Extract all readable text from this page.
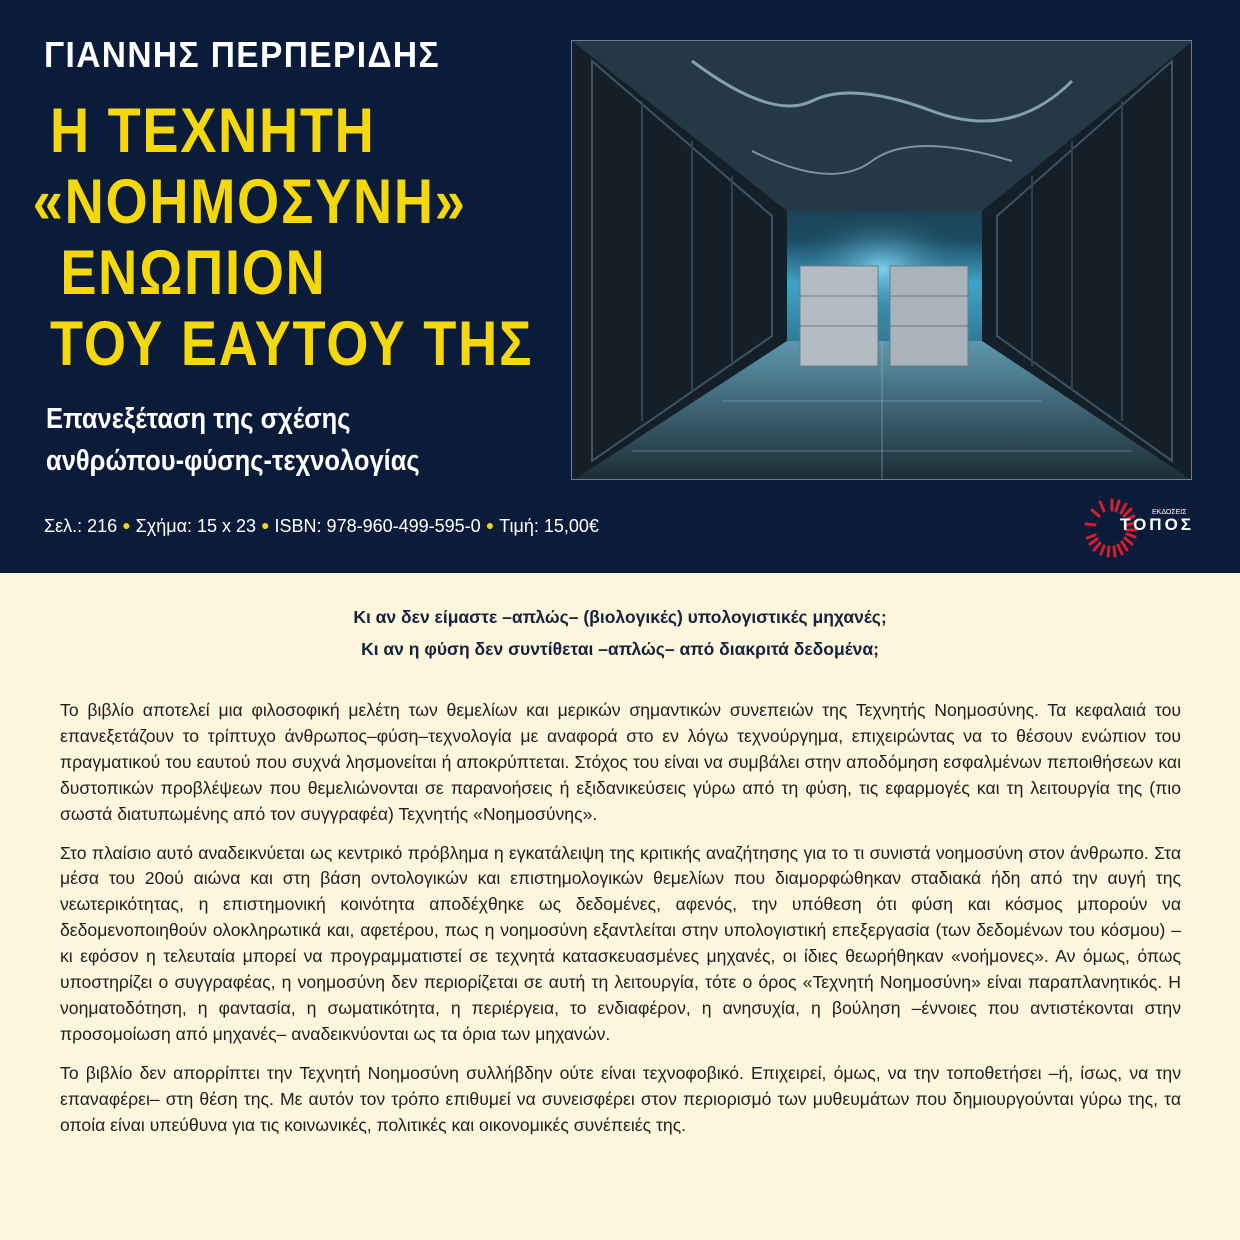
ΓΙΑΝΝΗΣ ΠΕΡΠΕΡΙΔΗΣ
Η ΤΕΧΝΗΤΗ
«ΝΟΗΜΟΣΥΝΗ»
ΕΝΩΠΙΟΝ
ΤΟΥ ΕΑΥΤΟΥ ΤΗΣ
Επανεξέταση της σχέσης
ανθρώπου-φύσης-τεχνολογίας
Σελ.: 216 ● Σχήμα: 15 x 23 ● ISBN: 978-960-499-595-0 ● Τιμή: 15,00€
ΕΚΔΟΣΕΙΣ
ΤΟΠΟΣ
Κι αν δεν είμαστε –απλώς– (βιολογικές) υπολογιστικές μηχανές;
Κι αν η φύση δεν συντίθεται –απλώς– από διακριτά δεδομένα;

Το βιβλίο αποτελεί μια φιλοσοφική μελέτη των θεμελίων και μερικών σημαντικών συνεπειών της Τεχνητής Νοημοσύνης. Τα κεφαλαιά του επανεξετάζουν το τρίπτυχο άνθρωπος–φύση–τεχνολογία με αναφορά στο εν λόγω τεχνούργημα, επιχειρώντας να το θέσουν ενώπιον του πραγματικού του εαυτού που συχνά λησμονείται ή αποκρύπτεται. Στόχος του είναι να συμβάλει στην αποδόμηση εσφαλμένων πεποιθήσεων και δυστοπικών προβλέψεων που θεμελιώνονται σε παρανοήσεις ή εξιδανικεύσεις γύρω από τη φύση, τις εφαρμογές και τη λειτουργία της (πιο σωστά διατυπωμένης από τον συγγραφέα) Τεχνητής «Νοημοσύνης».

Στο πλαίσιο αυτό αναδεικνύεται ως κεντρικό πρόβλημα η εγκατάλειψη της κριτικής αναζήτησης για το τι συνιστά νοημοσύνη στον άνθρωπο. Στα μέσα του 20ού αιώνα και στη βάση οντολογικών και επιστημολογικών θεμελίων που διαμορφώθηκαν σταδιακά ήδη από την αυγή της νεωτερικότητας, η επιστημονική κοινότητα αποδέχθηκε ως δεδομένες, αφενός, την υπόθεση ότι φύση και κόσμος μπορούν να δεδομενοποιηθούν ολοκληρωτικά και, αφετέρου, πως η νοημοσύνη εξαντλείται στην υπολογιστική επεξεργασία (των δεδομένων του κόσμου) – κι εφόσον η τελευταία μπορεί να προγραμματιστεί σε τεχνητά κατασκευασμένες μηχανές, οι ίδιες θεωρήθηκαν «νοήμονες». Αν όμως, όπως υποστηρίζει ο συγγραφέας, η νοημοσύνη δεν περιορίζεται σε αυτή τη λειτουργία, τότε ο όρος «Τεχνητή Νοημοσύνη» είναι παραπλανητικός. Η νοηματοδότηση, η φαντασία, η σωματικότητα, η περιέργεια, το ενδιαφέρον, η ανησυχία, η βούληση –έννοιες που αντιστέκονται στην προσομοίωση από μηχανές– αναδεικνύονται ως τα όρια των μηχανών.

Το βιβλίο δεν απορρίπτει την Τεχνητή Νοημοσύνη συλλήβδην ούτε είναι τεχνοφοβικό. Επιχειρεί, όμως, να την τοποθετήσει –ή, ίσως, να την επαναφέρει– στη θέση της. Με αυτόν τον τρόπο επιθυμεί να συνεισφέρει στον περιορισμό των μυθευμάτων που δημιουργούνται γύρω της, τα οποία είναι υπεύθυνα για τις κοινωνικές, πολιτικές και οικονομικές συνέπειές της.
